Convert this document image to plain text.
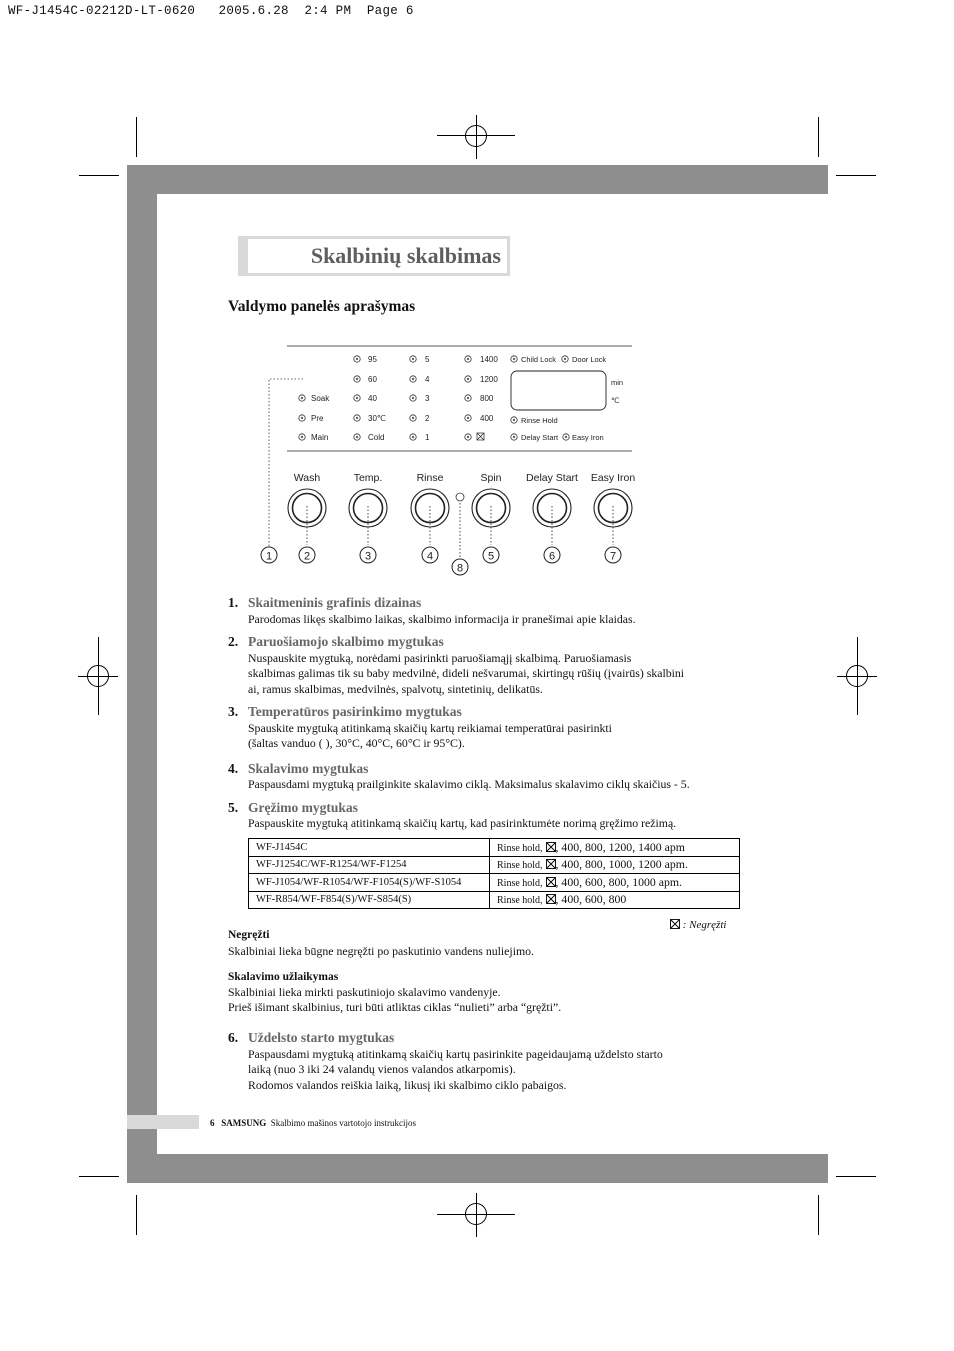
WF-J1454C-02212D-LT-0620   2005.6.28  2:4 PM  Page 6
Skalbinių skalbimas
Valdymo panelės aprašymas
Soak
Pre
Main
95
60
40
30℃
Cold
5
4
3
2
1
1400
1200
800
400
Child Lock Door Lock
min
℃
Rinse Hold
Delay Start Easy Iron
Wash	Temp.	Rinse	Spin Delay Start Easy Iron
1	2	3	4	5	6	7
8
1. Skaitmeninis grafinis dizainas
Parodomas likęs skalbimo laikas, skalbimo informacija ir pranešimai apie klaidas.
2. Paruošiamojo skalbimo mygtukas
Nuspauskite mygtuką, norėdami pasirinkti paruošiamąjį skalbimą. Paruošiamasis
skalbimas galimas tik su baby medvilnė, dideli nešvarumai, skirtingų rūšių (įvairūs) skalbini
ai, ramus skalbimas, medvilnės, spalvotų, sintetinių, delikatūs.
3. Temperatūros pasirinkimo mygtukas
Spauskite mygtuką atitinkamą skaičių kartų reikiamai temperatūrai pasirinkti
(šaltas vanduo ( ), 30°C, 40°C, 60°C ir 95°C).
4. Skalavimo mygtukas
Paspausdami mygtuką prailginkite skalavimo ciklą. Maksimalus skalavimo ciklų skaičius - 5.
5. Gręžimo mygtukas
Paspauskite mygtuką atitinkamą skaičių kartų, kad pasirinktumėte norimą gręžimo režimą.
WF-J1454C	Rinse hold, , 400, 800, 1200, 1400 apm
WF-J1254C/WF-R1254/WF-F1254	Rinse hold, , 400, 800, 1000, 1200 apm.
WF-J1054/WF-R1054/WF-F1054(S)/WF-S1054	Rinse hold, , 400, 600, 800, 1000 apm.
WF-R854/WF-F854(S)/WF-S854(S)	Rinse hold, , 400, 600, 800
: Negręžti
Negręžti
Skalbiniai lieka būgne negręžti po paskutinio vandens nuliejimo.
Skalavimo užlaikymas
Skalbiniai lieka mirkti paskutiniojo skalavimo vandenyje.
Prieš išimant skalbinius, turi būti atliktas ciklas “nulieti” arba “gręžti”.
6. Uždelsto starto mygtukas
Paspausdami mygtuką atitinkamą skaičių kartų pasirinkite pageidaujamą uždelsto starto
laiką (nuo 3 iki 24 valandų vienos valandos atkarpomis).
Rodomos valandos reiškia laiką, likusį iki skalbimo ciklo pabaigos.
6 SAMSUNG Skalbimo mašinos vartotojo instrukcijos
